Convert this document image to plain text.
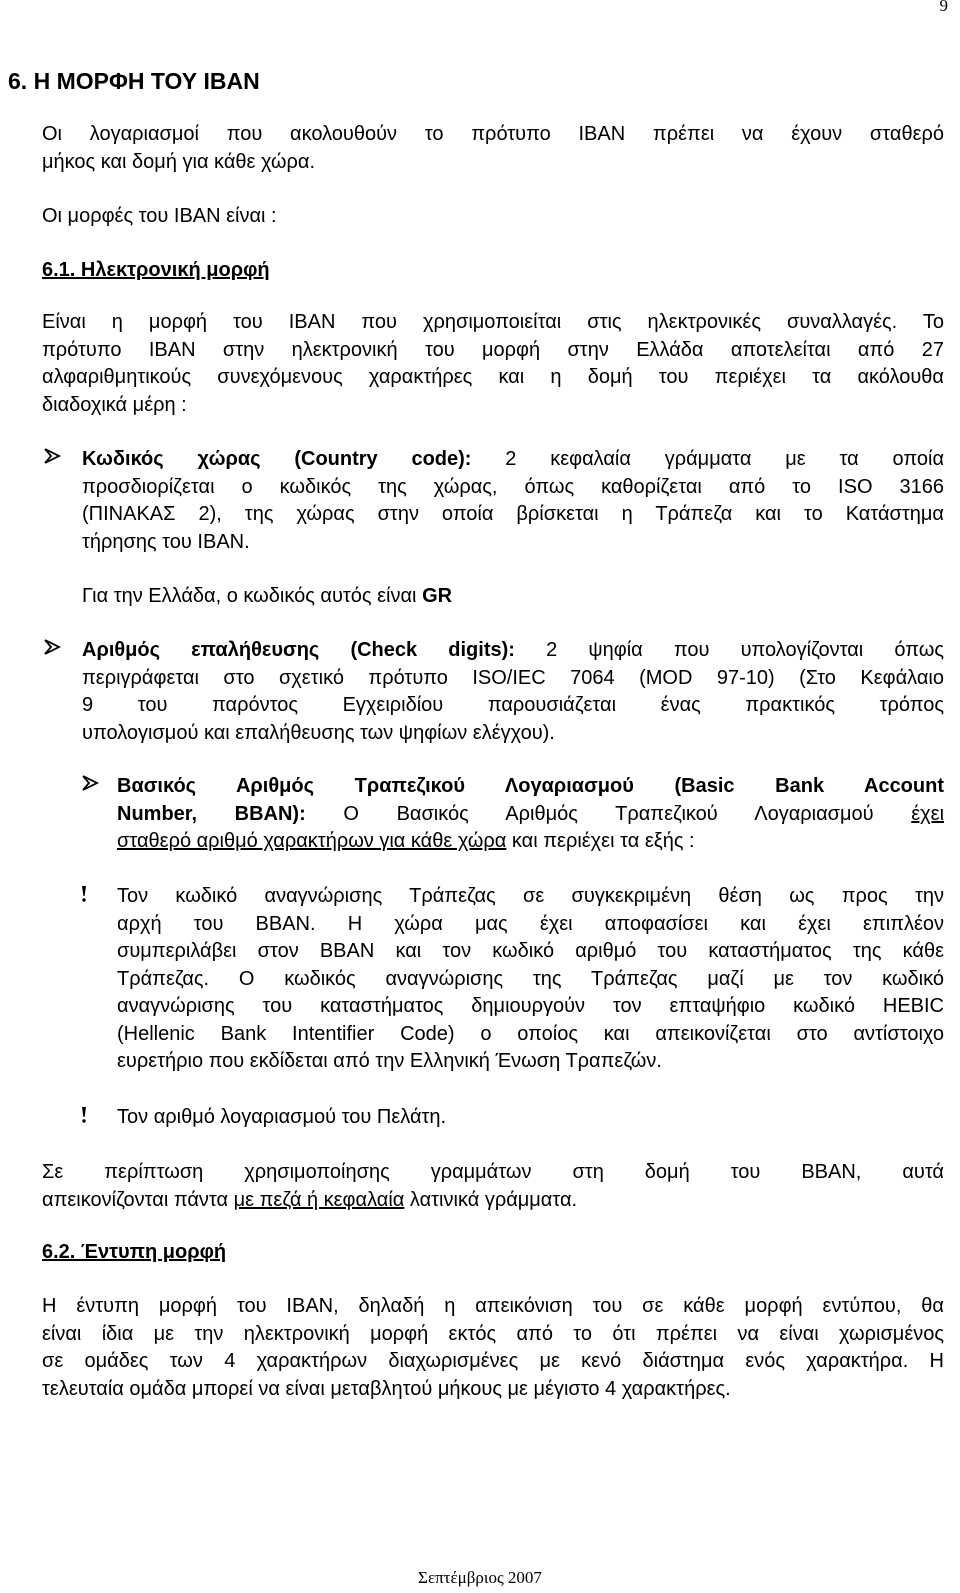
9
6. Η ΜΟΡΦΗ ΤΟΥ IBAN
Οι λογαριασμοί που ακολουθούν το πρότυπο IBAN πρέπει να έχουν σταθερό
μήκος και δομή για κάθε χώρα.
Οι μορφές του IBAN είναι :
6.1. Ηλεκτρονική μορφή
Είναι η μορφή του IBAN που χρησιμοποιείται στις ηλεκτρονικές συναλλαγές. Το
πρότυπο IBAN στην ηλεκτρονική του μορφή στην Ελλάδα αποτελείται από 27
αλφαριθμητικούς συνεχόμενους χαρακτήρες και η δομή του περιέχει τα ακόλουθα
διαδοχικά μέρη :
Κωδικός χώρας (Country code): 2 κεφαλαία γράμματα με τα οποία
προσδιορίζεται ο κωδικός της χώρας, όπως καθορίζεται από το ISO 3166
(ΠΙΝΑΚΑΣ 2), της χώρας στην οποία βρίσκεται η Τράπεζα και το Κατάστημα
τήρησης του IBAN.
Για την Ελλάδα, ο κωδικός αυτός είναι GR
Αριθμός επαλήθευσης (Check digits): 2 ψηφία που υπολογίζονται όπως
περιγράφεται στο σχετικό πρότυπο ISO/IEC 7064 (MOD 97-10) (Στο Κεφάλαιο
9 του παρόντος Εγχειριδίου παρουσιάζεται ένας πρακτικός τρόπος
υπολογισμού και επαλήθευσης των ψηφίων ελέγχου).
Βασικός Αριθμός Τραπεζικού Λογαριασμού (Basic Bank Account
Number, BBAN): Ο Βασικός Αριθμός Τραπεζικού Λογαριασμού έχει
σταθερό αριθμό χαρακτήρων για κάθε χώρα και περιέχει τα εξής :
Τον κωδικό αναγνώρισης Τράπεζας σε συγκεκριμένη θέση ως προς την
αρχή του BBAN. Η χώρα μας έχει αποφασίσει και έχει επιπλέον
συμπεριλάβει στον BBAN και τον κωδικό αριθμό του καταστήματος της κάθε
Τράπεζας. Ο κωδικός αναγνώρισης της Τράπεζας μαζί με τον κωδικό
αναγνώρισης του καταστήματος δημιουργούν τον επταψήφιο κωδικό HEBIC
(Hellenic Bank Intentifier Code) ο οποίος και απεικονίζεται στο αντίστοιχο
ευρετήριο που εκδίδεται από την Ελληνική Ένωση Τραπεζών.
Τον αριθμό λογαριασμού του Πελάτη.
Σε περίπτωση χρησιμοποίησης γραμμάτων στη δομή του BBAN, αυτά
απεικονίζονται πάντα με πεζά ή κεφαλαία λατινικά γράμματα.
6.2. Έντυπη μορφή
Η έντυπη μορφή του IBAN, δηλαδή η απεικόνιση του σε κάθε μορφή εντύπου, θα
είναι ίδια με την ηλεκτρονική μορφή εκτός από το ότι πρέπει να είναι χωρισμένος
σε ομάδες των 4 χαρακτήρων διαχωρισμένες με κενό διάστημα ενός χαρακτήρα. Η
τελευταία ομάδα μπορεί να είναι μεταβλητού μήκους με μέγιστο 4 χαρακτήρες.
Σεπτέμβριος 2007
